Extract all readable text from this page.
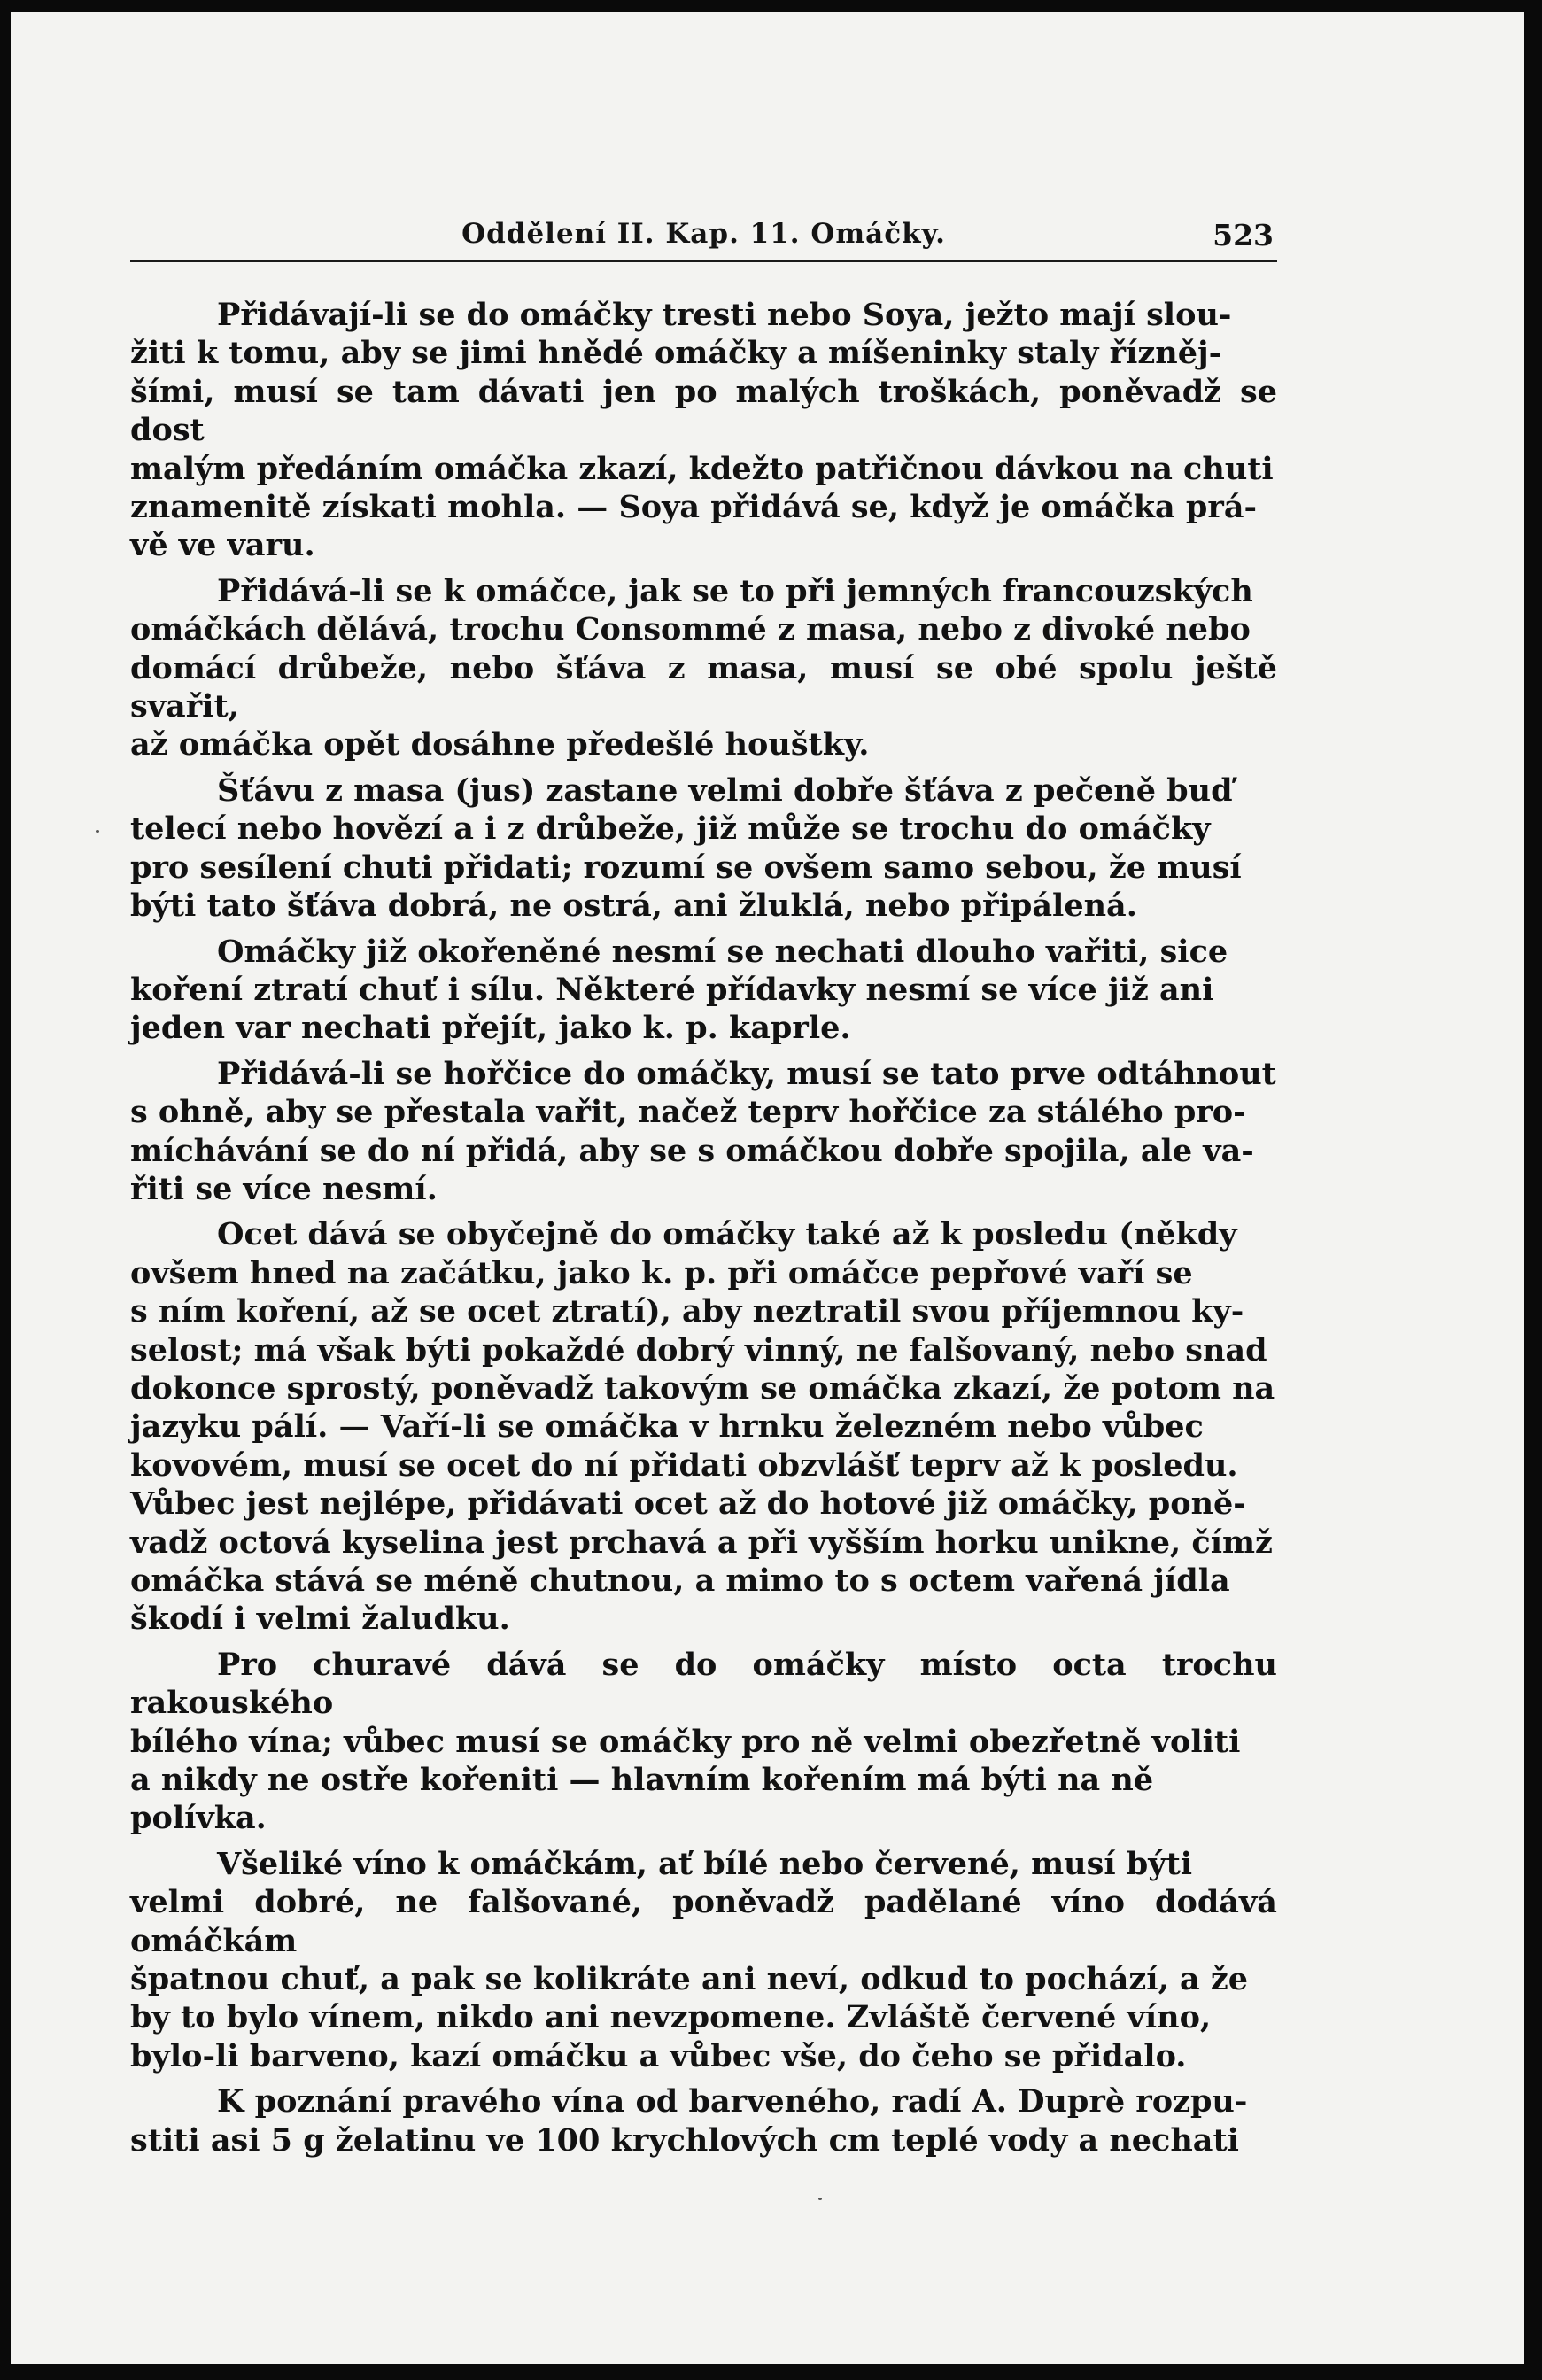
Oddělení II. Kap. 11. Omáčky.	523

Přidávají-li se do omáčky tresti nebo Soya, ježto mají slou-
žiti k tomu, aby se jimi hnědé omáčky a míšeninky staly řízněj-
šími, musí se tam dávati jen po malých troškách, poněvadž se dost
malým předáním omáčka zkazí, kdežto patřičnou dávkou na chuti
znamenitě získati mohla. — Soya přidává se, když je omáčka prá-
vě ve varu.

Přidává-li se k omáčce, jak se to při jemných francouzských
omáčkách dělává, trochu Consommé z masa, nebo z divoké nebo
domácí drůbeže, nebo šťáva z masa, musí se obé spolu ještě svařit,
až omáčka opět dosáhne předešlé houštky.

Šťávu z masa (jus) zastane velmi dobře šťáva z pečeně buď
telecí nebo hovězí a i z drůbeže, již může se trochu do omáčky
pro sesílení chuti přidati; rozumí se ovšem samo sebou, že musí
býti tato šťáva dobrá, ne ostrá, ani žluklá, nebo připálená.

Omáčky již okořeněné nesmí se nechati dlouho vařiti, sice
koření ztratí chuť i sílu. Některé přídavky nesmí se více již ani
jeden var nechati přejít, jako k. p. kaprle.

Přidává-li se hořčice do omáčky, musí se tato prve odtáhnout
s ohně, aby se přestala vařit, načež teprv hořčice za stálého pro-
míchávání se do ní přidá, aby se s omáčkou dobře spojila, ale va-
řiti se více nesmí.

Ocet dává se obyčejně do omáčky také až k posledu (někdy
ovšem hned na začátku, jako k. p. při omáčce pepřové vaří se
s ním koření, až se ocet ztratí), aby neztratil svou příjemnou ky-
selost; má však býti pokaždé dobrý vinný, ne falšovaný, nebo snad
dokonce sprostý, poněvadž takovým se omáčka zkazí, že potom na
jazyku pálí. — Vaří-li se omáčka v hrnku železném nebo vůbec
kovovém, musí se ocet do ní přidati obzvlášť teprv až k posledu.
Vůbec jest nejlépe, přidávati ocet až do hotové již omáčky, poně-
vadž octová kyselina jest prchavá a při vyšším horku unikne, čímž
omáčka stává se méně chutnou, a mimo to s octem vařená jídla
škodí i velmi žaludku.

Pro churavé dává se do omáčky místo octa trochu rakouského
bílého vína; vůbec musí se omáčky pro ně velmi obezřetně voliti
a nikdy ne ostře kořeniti — hlavním kořením má býti na ně
polívka.

Všeliké víno k omáčkám, ať bílé nebo červené, musí býti
velmi dobré, ne falšované, poněvadž padělané víno dodává omáčkám
špatnou chuť, a pak se kolikráte ani neví, odkud to pochází, a že
by to bylo vínem, nikdo ani nevzpomene. Zvláště červené víno,
bylo-li barveno, kazí omáčku a vůbec vše, do čeho se přidalo.

K poznání pravého vína od barveného, radí A. Duprè rozpu-
stiti asi 5 g želatinu ve 100 krychlových cm teplé vody a nechati
